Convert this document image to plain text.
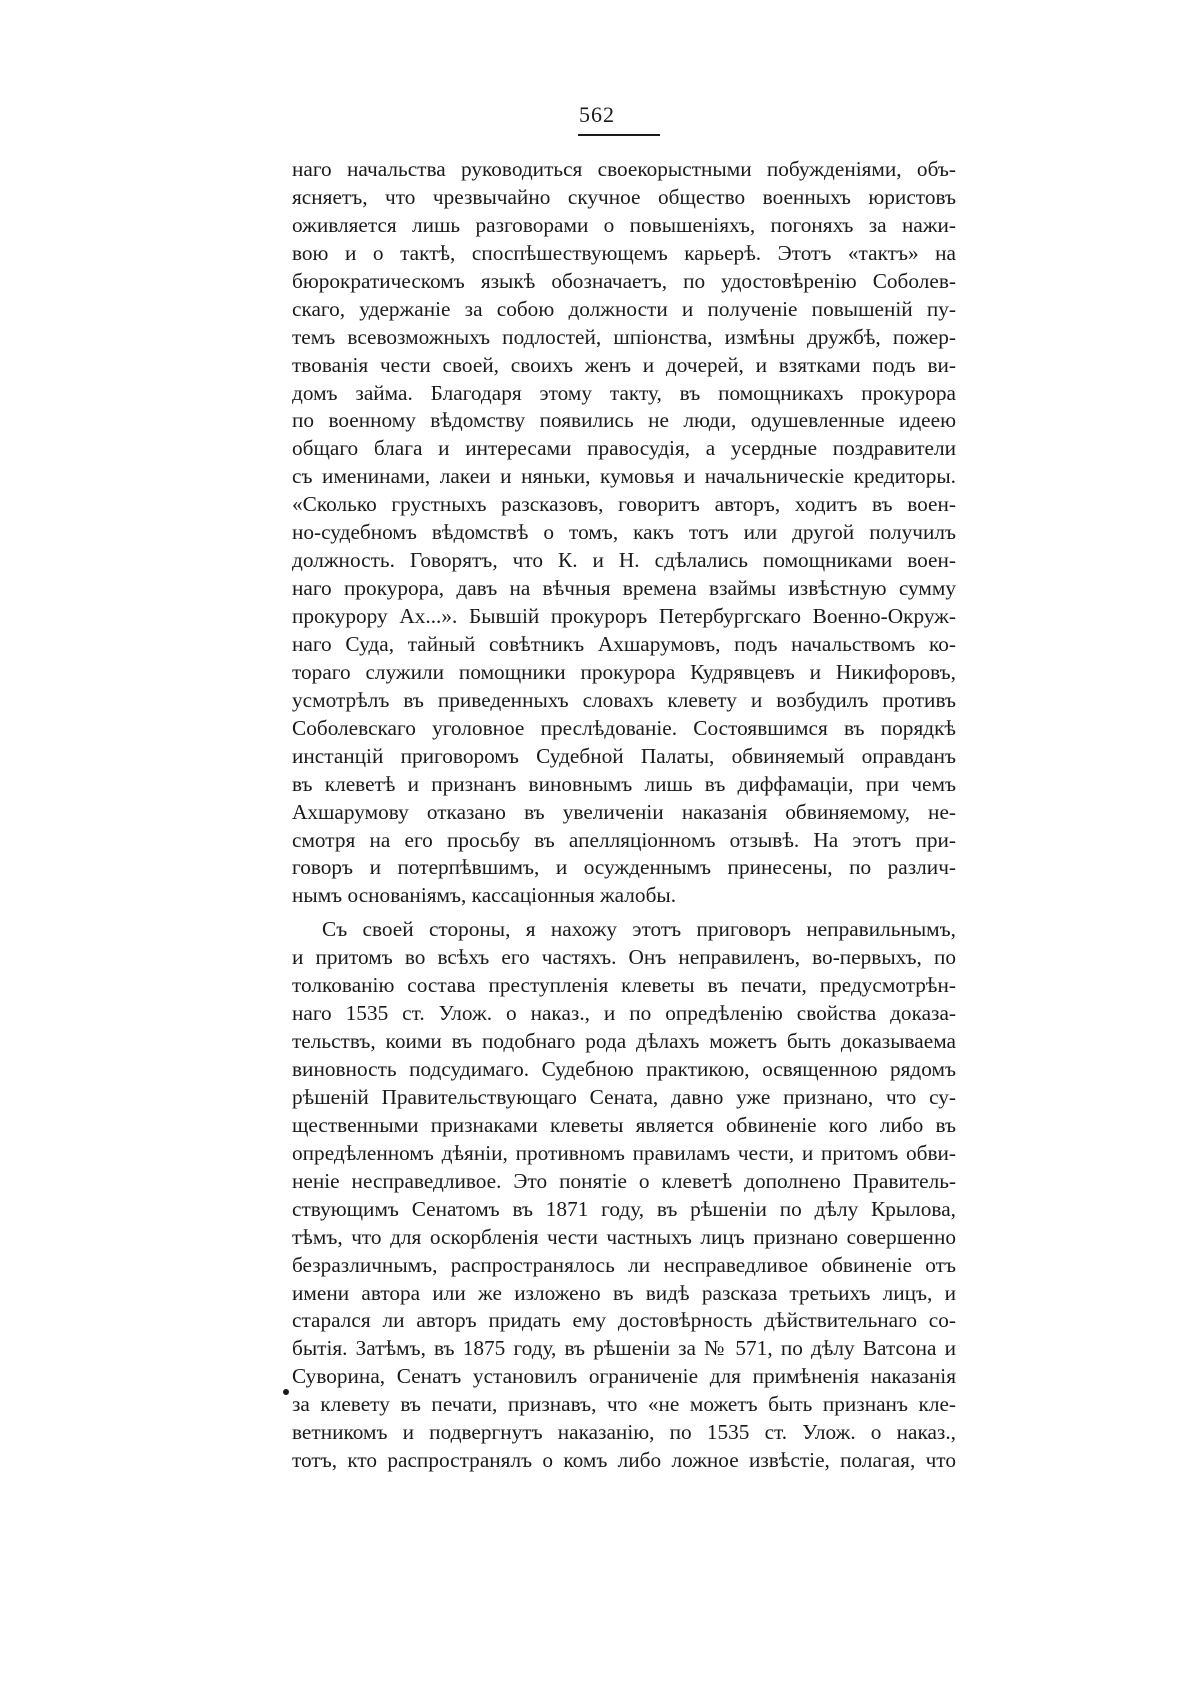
562
наго начальства руководиться своекорыстными побужденіями, объ-
ясняетъ, что чрезвычайно скучное общество военныхъ юристовъ
оживляется лишь разговорами о повышеніяхъ, погоняхъ за нажи-
вою и о тактѣ, споспѣшествующемъ карьерѣ. Этотъ «тактъ» на
бюрократическомъ языкѣ обозначаетъ, по удостовѣренію Соболев-
скаго, удержаніе за собою должности и полученіе повышеній пу-
темъ всевозможныхъ подлостей, шпіонства, измѣны дружбѣ, пожер-
твованія чести своей, своихъ женъ и дочерей, и взятками подъ ви-
домъ займа. Благодаря этому такту, въ помощникахъ прокурора
по военному вѣдомству появились не люди, одушевленные идеею
общаго блага и интересами правосудія, а усердные поздравители
съ именинами, лакеи и няньки, кумовья и начальническіе кредиторы.
«Сколько грустныхъ разсказовъ, говоритъ авторъ, ходитъ въ воен-
но-судебномъ вѣдомствѣ о томъ, какъ тотъ или другой получилъ
должность. Говорятъ, что К. и Н. сдѣлались помощниками воен-
наго прокурора, давъ на вѣчныя времена взаймы извѣстную сумму
прокурору Ах...». Бывшій прокуроръ Петербургскаго Военно-Окруж-
наго Суда, тайный совѣтникъ Ахшарумовъ, подъ начальствомъ ко-
тораго служили помощники прокурора Кудрявцевъ и Никифоровъ,
усмотрѣлъ въ приведенныхъ словахъ клевету и возбудилъ противъ
Соболевскаго уголовное преслѣдованіе. Состоявшимся въ порядкѣ
инстанцій приговоромъ Судебной Палаты, обвиняемый оправданъ
въ клеветѣ и признанъ виновнымъ лишь въ диффамаціи, при чемъ
Ахшарумову отказано въ увеличеніи наказанія обвиняемому, не-
смотря на его просьбу въ апелляціонномъ отзывѣ. На этотъ при-
говоръ и потерпѣвшимъ, и осужденнымъ принесены, по различ-
нымъ основаніямъ, кассаціонныя жалобы.
Съ своей стороны, я нахожу этотъ приговоръ неправильнымъ,
и притомъ во всѣхъ его частяхъ. Онъ неправиленъ, во-первыхъ, по
толкованію состава преступленія клеветы въ печати, предусмотрѣн-
наго 1535 ст. Улож. о наказ., и по опредѣленію свойства доказа-
тельствъ, коими въ подобнаго рода дѣлахъ можетъ быть доказываема
виновность подсудимаго. Судебною практикою, освященною рядомъ
рѣшеній Правительствующаго Сената, давно уже признано, что су-
щественными признаками клеветы является обвиненіе кого либо въ
опредѣленномъ дѣяніи, противномъ правиламъ чести, и притомъ обви-
неніе несправедливое. Это понятіе о клеветѣ дополнено Правитель-
ствующимъ Сенатомъ въ 1871 году, въ рѣшеніи по дѣлу Крылова,
тѣмъ, что для оскорбленія чести частныхъ лицъ признано совершенно
безразличнымъ, распространялось ли несправедливое обвиненіе отъ
имени автора или же изложено въ видѣ разсказа третьихъ лицъ, и
старался ли авторъ придать ему достовѣрность дѣйствительнаго со-
бытія. Затѣмъ, въ 1875 году, въ рѣшеніи за № 571, по дѣлу Ватсона и
Суворина, Сенатъ установилъ ограниченіе для примѣненія наказанія
за клевету въ печати, признавъ, что «не можетъ быть признанъ кле-
ветникомъ и подвергнутъ наказанію, по 1535 ст. Улож. о наказ.,
тотъ, кто распространялъ о комъ либо ложное извѣстіе, полагая, что
